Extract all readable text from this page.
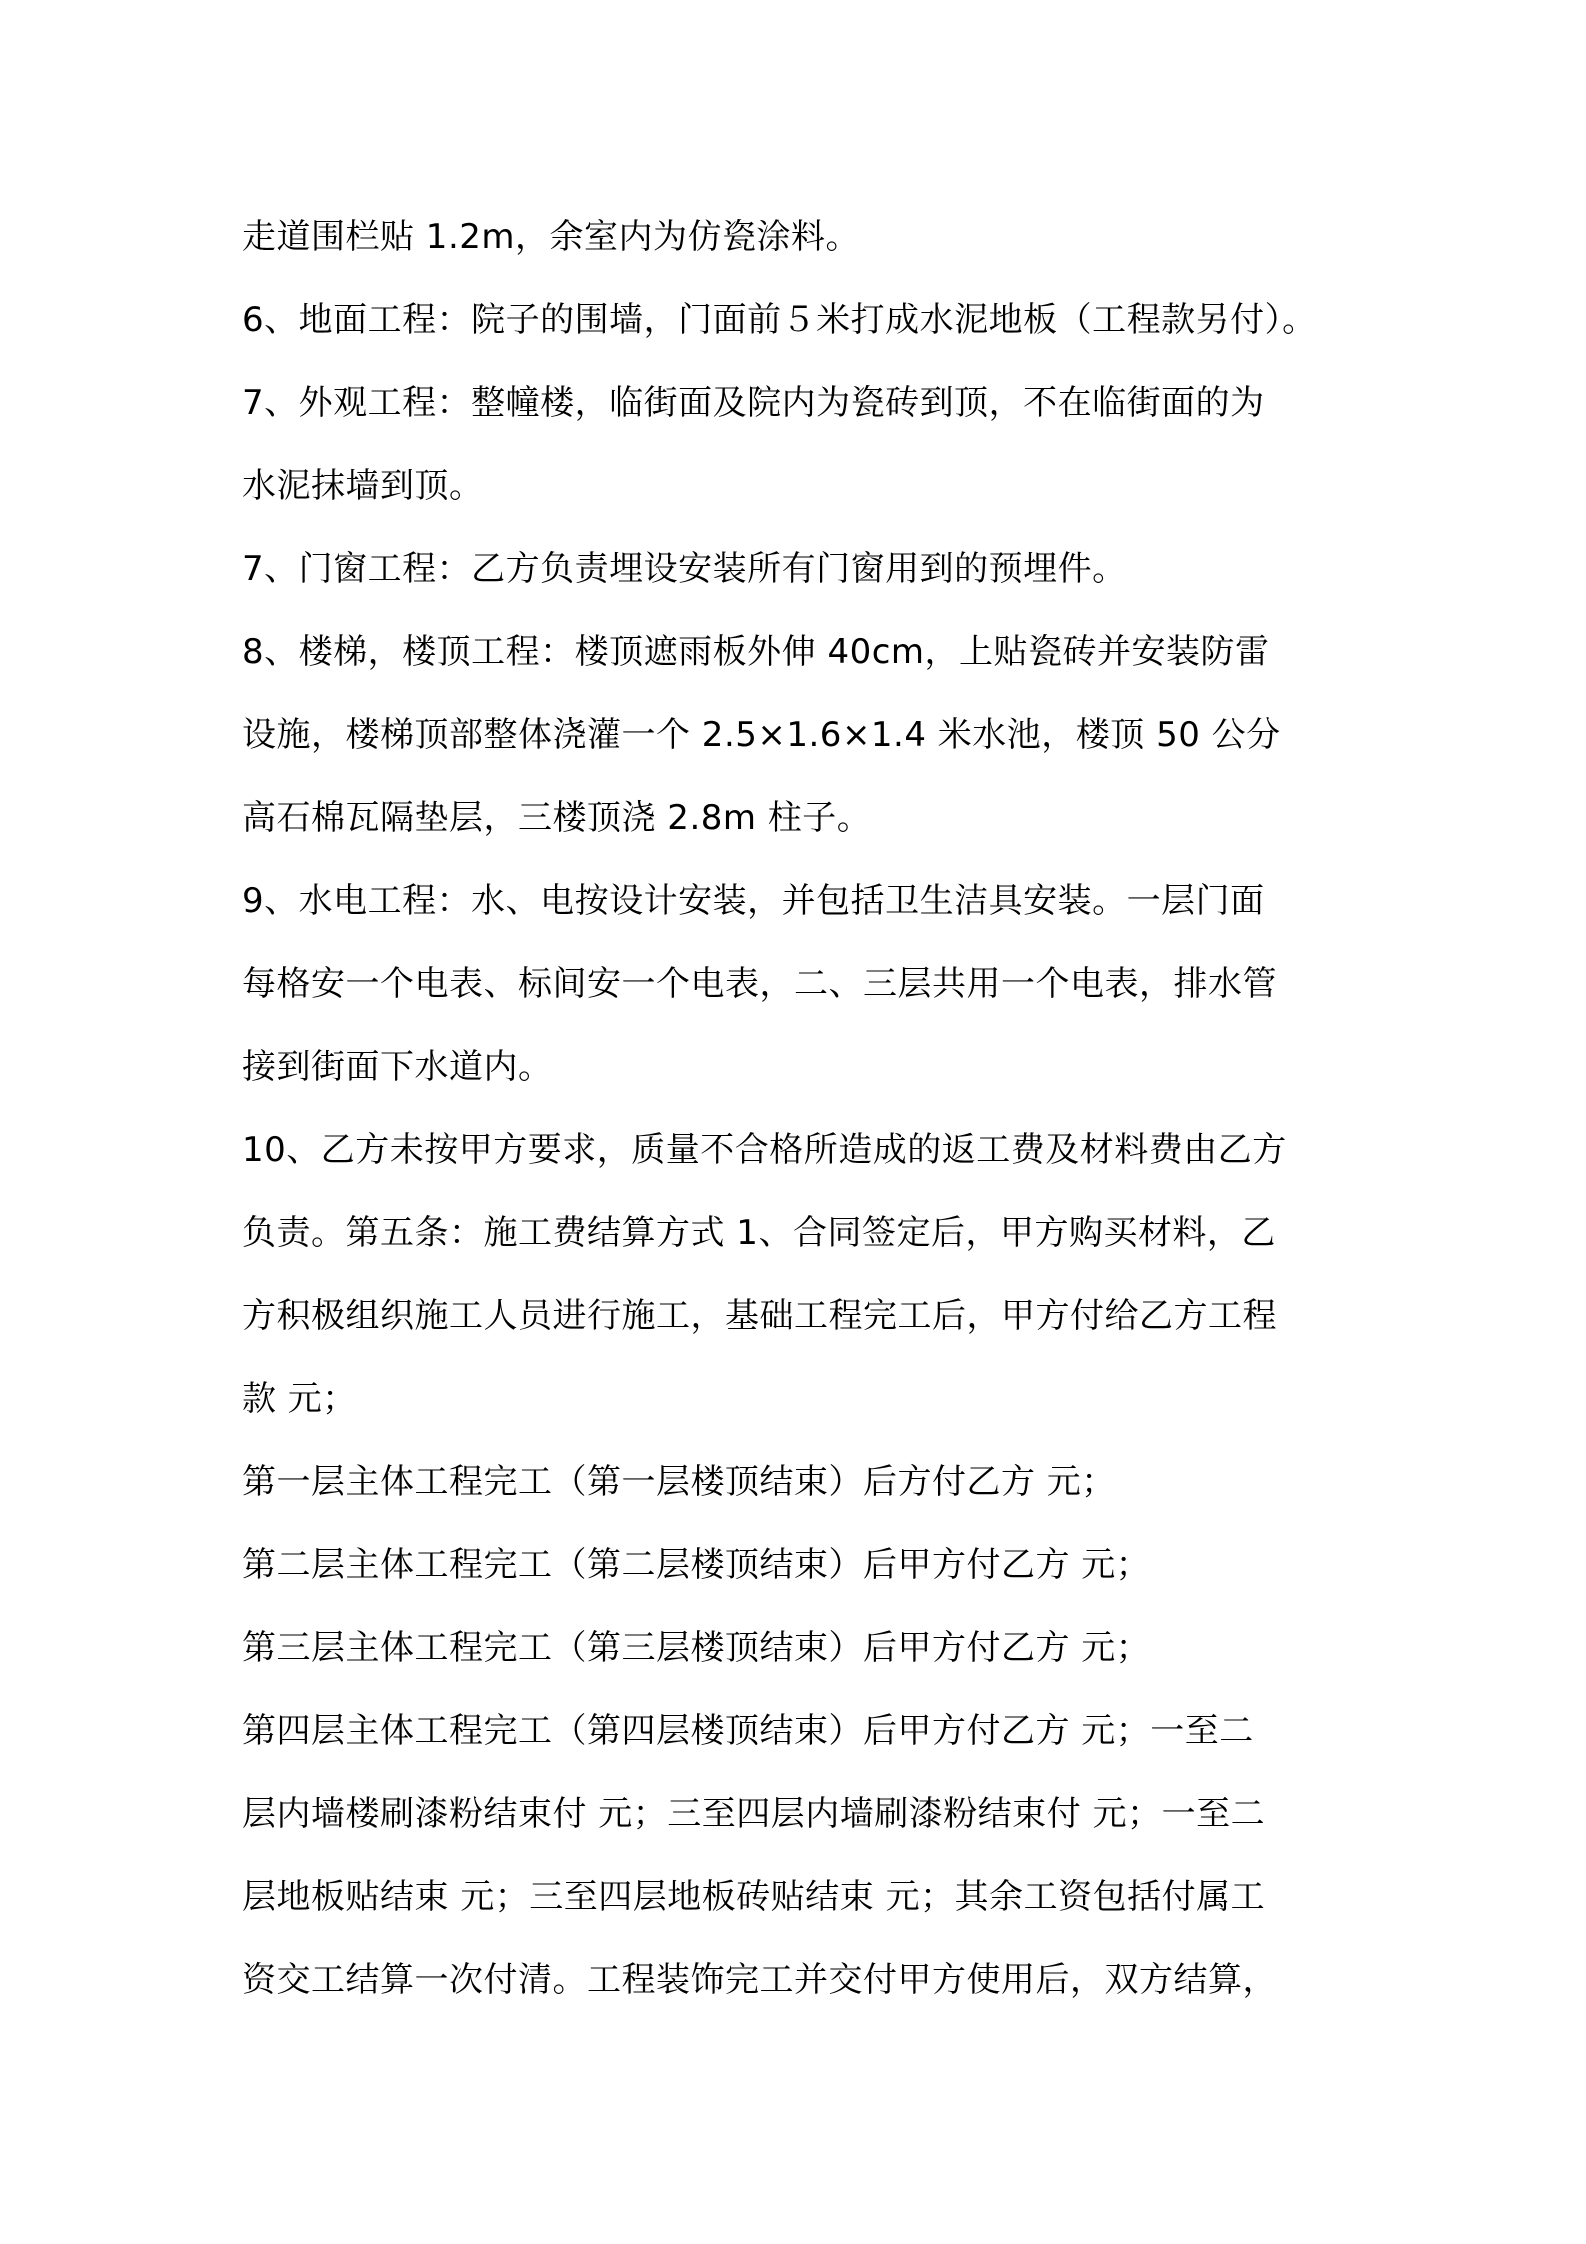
走道围栏贴 1.2m，余室内为仿瓷涂料。
6、地面工程：院子的围墙，门面前５米打成水泥地板（工程款另付）。
7、外观工程：整幢楼，临街面及院内为瓷砖到顶，不在临街面的为
水泥抹墙到顶。
7、门窗工程：乙方负责埋设安装所有门窗用到的预埋件。
8、楼梯，楼顶工程：楼顶遮雨板外伸 40cm，上贴瓷砖并安装防雷
设施，楼梯顶部整体浇灌一个 2.5×1.6×1.4 米水池，楼顶 50 公分
高石棉瓦隔垫层，三楼顶浇 2.8m 柱子。
9、水电工程：水、电按设计安装，并包括卫生洁具安装。一层门面
每格安一个电表、标间安一个电表，二、三层共用一个电表，排水管
接到街面下水道内。
10、乙方未按甲方要求，质量不合格所造成的返工费及材料费由乙方
负责。第五条：施工费结算方式 1、合同签定后，甲方购买材料，乙
方积极组织施工人员进行施工，基础工程完工后，甲方付给乙方工程
款 元；
第一层主体工程完工（第一层楼顶结束）后方付乙方 元；
第二层主体工程完工（第二层楼顶结束）后甲方付乙方 元；
第三层主体工程完工（第三层楼顶结束）后甲方付乙方 元；
第四层主体工程完工（第四层楼顶结束）后甲方付乙方 元；一至二
层内墙楼刷漆粉结束付 元；三至四层内墙刷漆粉结束付 元；一至二
层地板贴结束 元；三至四层地板砖贴结束 元；其余工资包括付属工
资交工结算一次付清。工程装饰完工并交付甲方使用后，双方结算，
